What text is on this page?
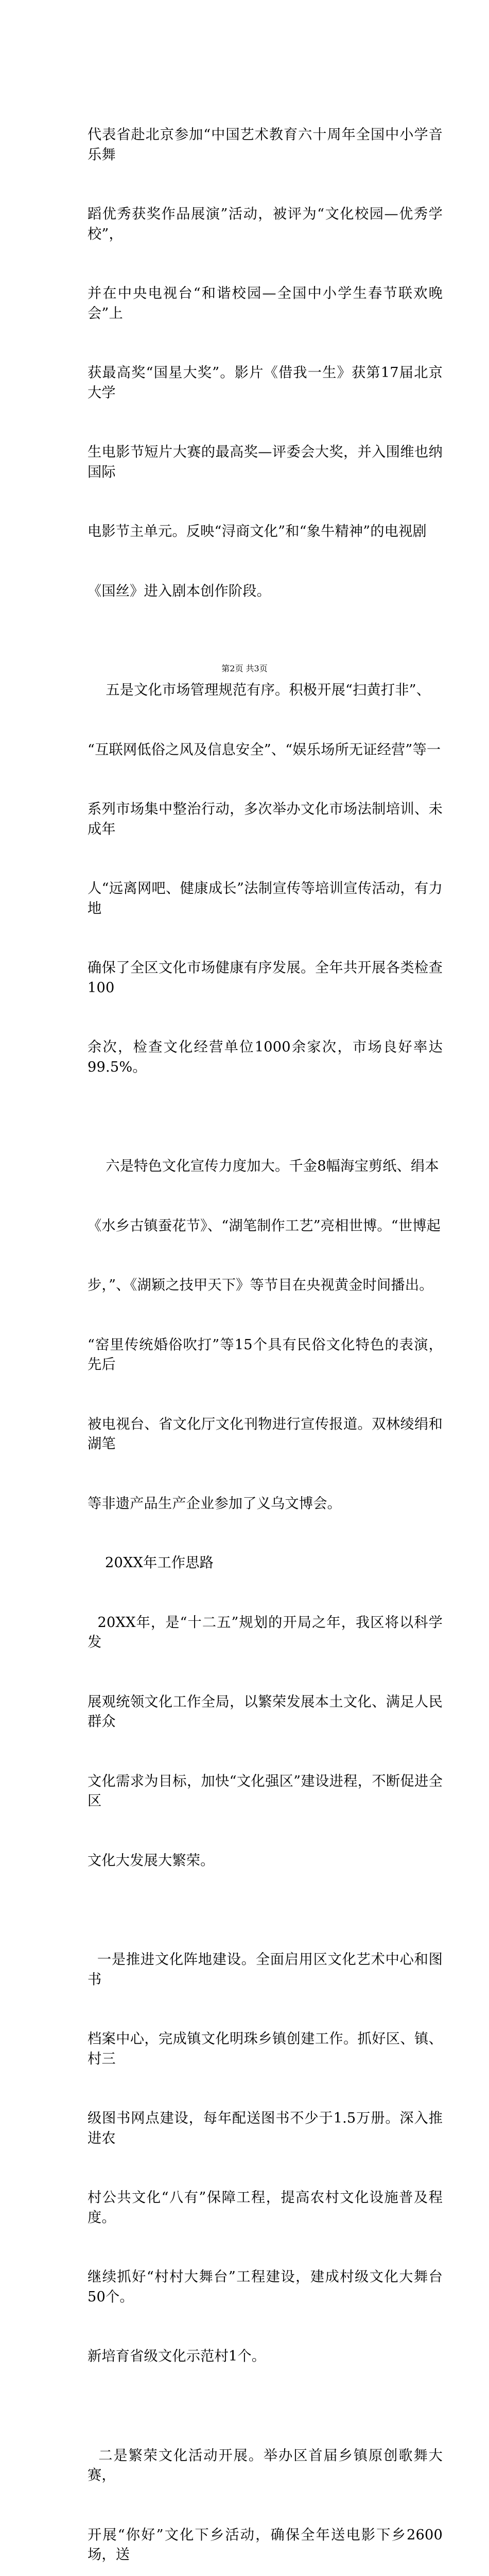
代表省赴北京参加“中国艺术教育六十周年全国中小学音乐舞

蹈优秀获奖作品展演”活动，被评为“文化校园—优秀学校”，

并在中央电视台“和谐校园—全国中小学生春节联欢晚会”上

获最高奖“国星大奖”。影片《借我一生》获第17届北京大学

生电影节短片大赛的最高奖—评委会大奖，并入围维也纳国际

电影节主单元。反映“浔商文化”和“象牛精神”的电视剧

《国丝》进入剧本创作阶段。

五是文化市场管理规范有序。积极开展“扫黄打非”、

“互联网低俗之风及信息安全”、“娱乐场所无证经营”等一

系列市场集中整治行动，多次举办文化市场法制培训、未成年

人“远离网吧、健康成长”法制宣传等培训宣传活动，有力地

确保了全区文化市场健康有序发展。全年共开展各类检查100

余次，检查文化经营单位1000余家次，市场良好率达99.5%。

六是特色文化宣传力度加大。千金8幅海宝剪纸、绢本

《水乡古镇蚕花节》、“湖笔制作工艺”亮相世博。“世博起

步，”、《湖颖之技甲天下》等节目在央视黄金时间播出。

“窑里传统婚俗吹打”等15个具有民俗文化特色的表演，先后

被电视台、省文化厅文化刊物进行宣传报道。双林绫绢和湖笔

等非遗产品生产企业参加了义乌文博会。

20XX年工作思路

20XX年，是“十二五”规划的开局之年，我区将以科学发

展观统领文化工作全局，以繁荣发展本土文化、满足人民群众

文化需求为目标，加快“文化强区”建设进程，不断促进全区

文化大发展大繁荣。

一是推进文化阵地建设。全面启用区文化艺术中心和图书

档案中心，完成镇文化明珠乡镇创建工作。抓好区、镇、村三

级图书网点建设，每年配送图书不少于1.5万册。深入推进农

村公共文化“八有”保障工程，提高农村文化设施普及程度。

继续抓好“村村大舞台”工程建设，建成村级文化大舞台50个。

新培育省级文化示范村1个。

二是繁荣文化活动开展。举办区首届乡镇原创歌舞大赛，

开展“你好”文化下乡活动，确保全年送电影下乡2600场，送

第2页 共3页
